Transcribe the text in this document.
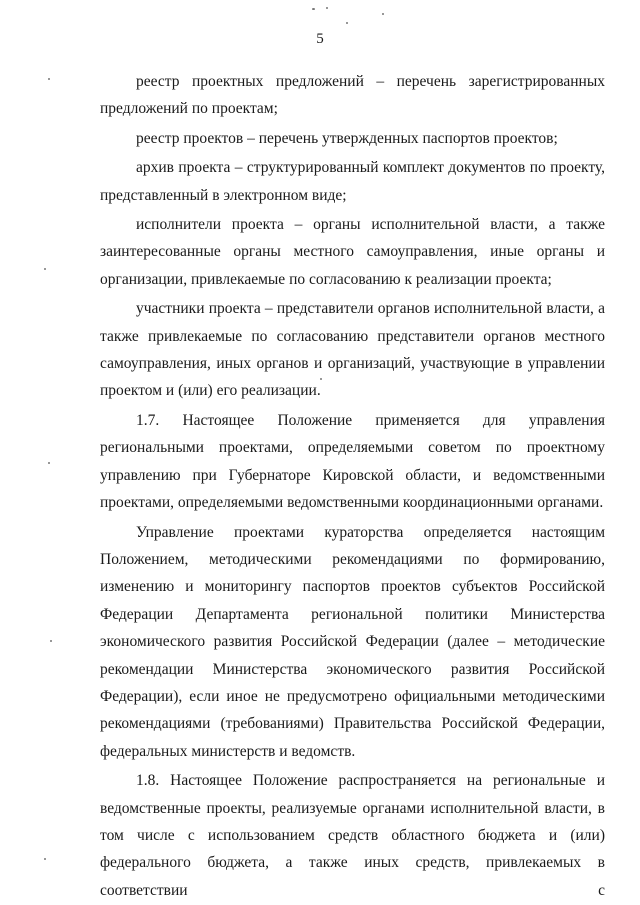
5

реестр проектных предложений – перечень зарегистрированных предложений по проектам;

реестр проектов – перечень утвержденных паспортов проектов;

архив проекта – структурированный комплект документов по проекту, представленный в электронном виде;

исполнители проекта – органы исполнительной власти, а также заинтересованные органы местного самоуправления, иные органы и организации, привлекаемые по согласованию к реализации проекта;

участники проекта – представители органов исполнительной власти, а также привлекаемые по согласованию представители органов местного самоуправления, иных органов и организаций, участвующие в управлении проектом и (или) его реализации.

1.7. Настоящее Положение применяется для управления региональными проектами, определяемыми советом по проектному управлению при Губернаторе Кировской области, и ведомственными проектами, определяемыми ведомственными координационными органами.

Управление проектами кураторства определяется настоящим Положением, методическими рекомендациями по формированию, изменению и мониторингу паспортов проектов субъектов Российской Федерации Департамента региональной политики Министерства экономического развития Российской Федерации (далее – методические рекомендации Министерства экономического развития Российской Федерации), если иное не предусмотрено официальными методическими рекомендациями (требованиями) Правительства Российской Федерации, федеральных министерств и ведомств.

1.8. Настоящее Положение распространяется на региональные и ведомственные проекты, реализуемые органами исполнительной власти, в том числе с использованием средств областного бюджета и (или) федерального бюджета, а также иных средств, привлекаемых в соответствии с
